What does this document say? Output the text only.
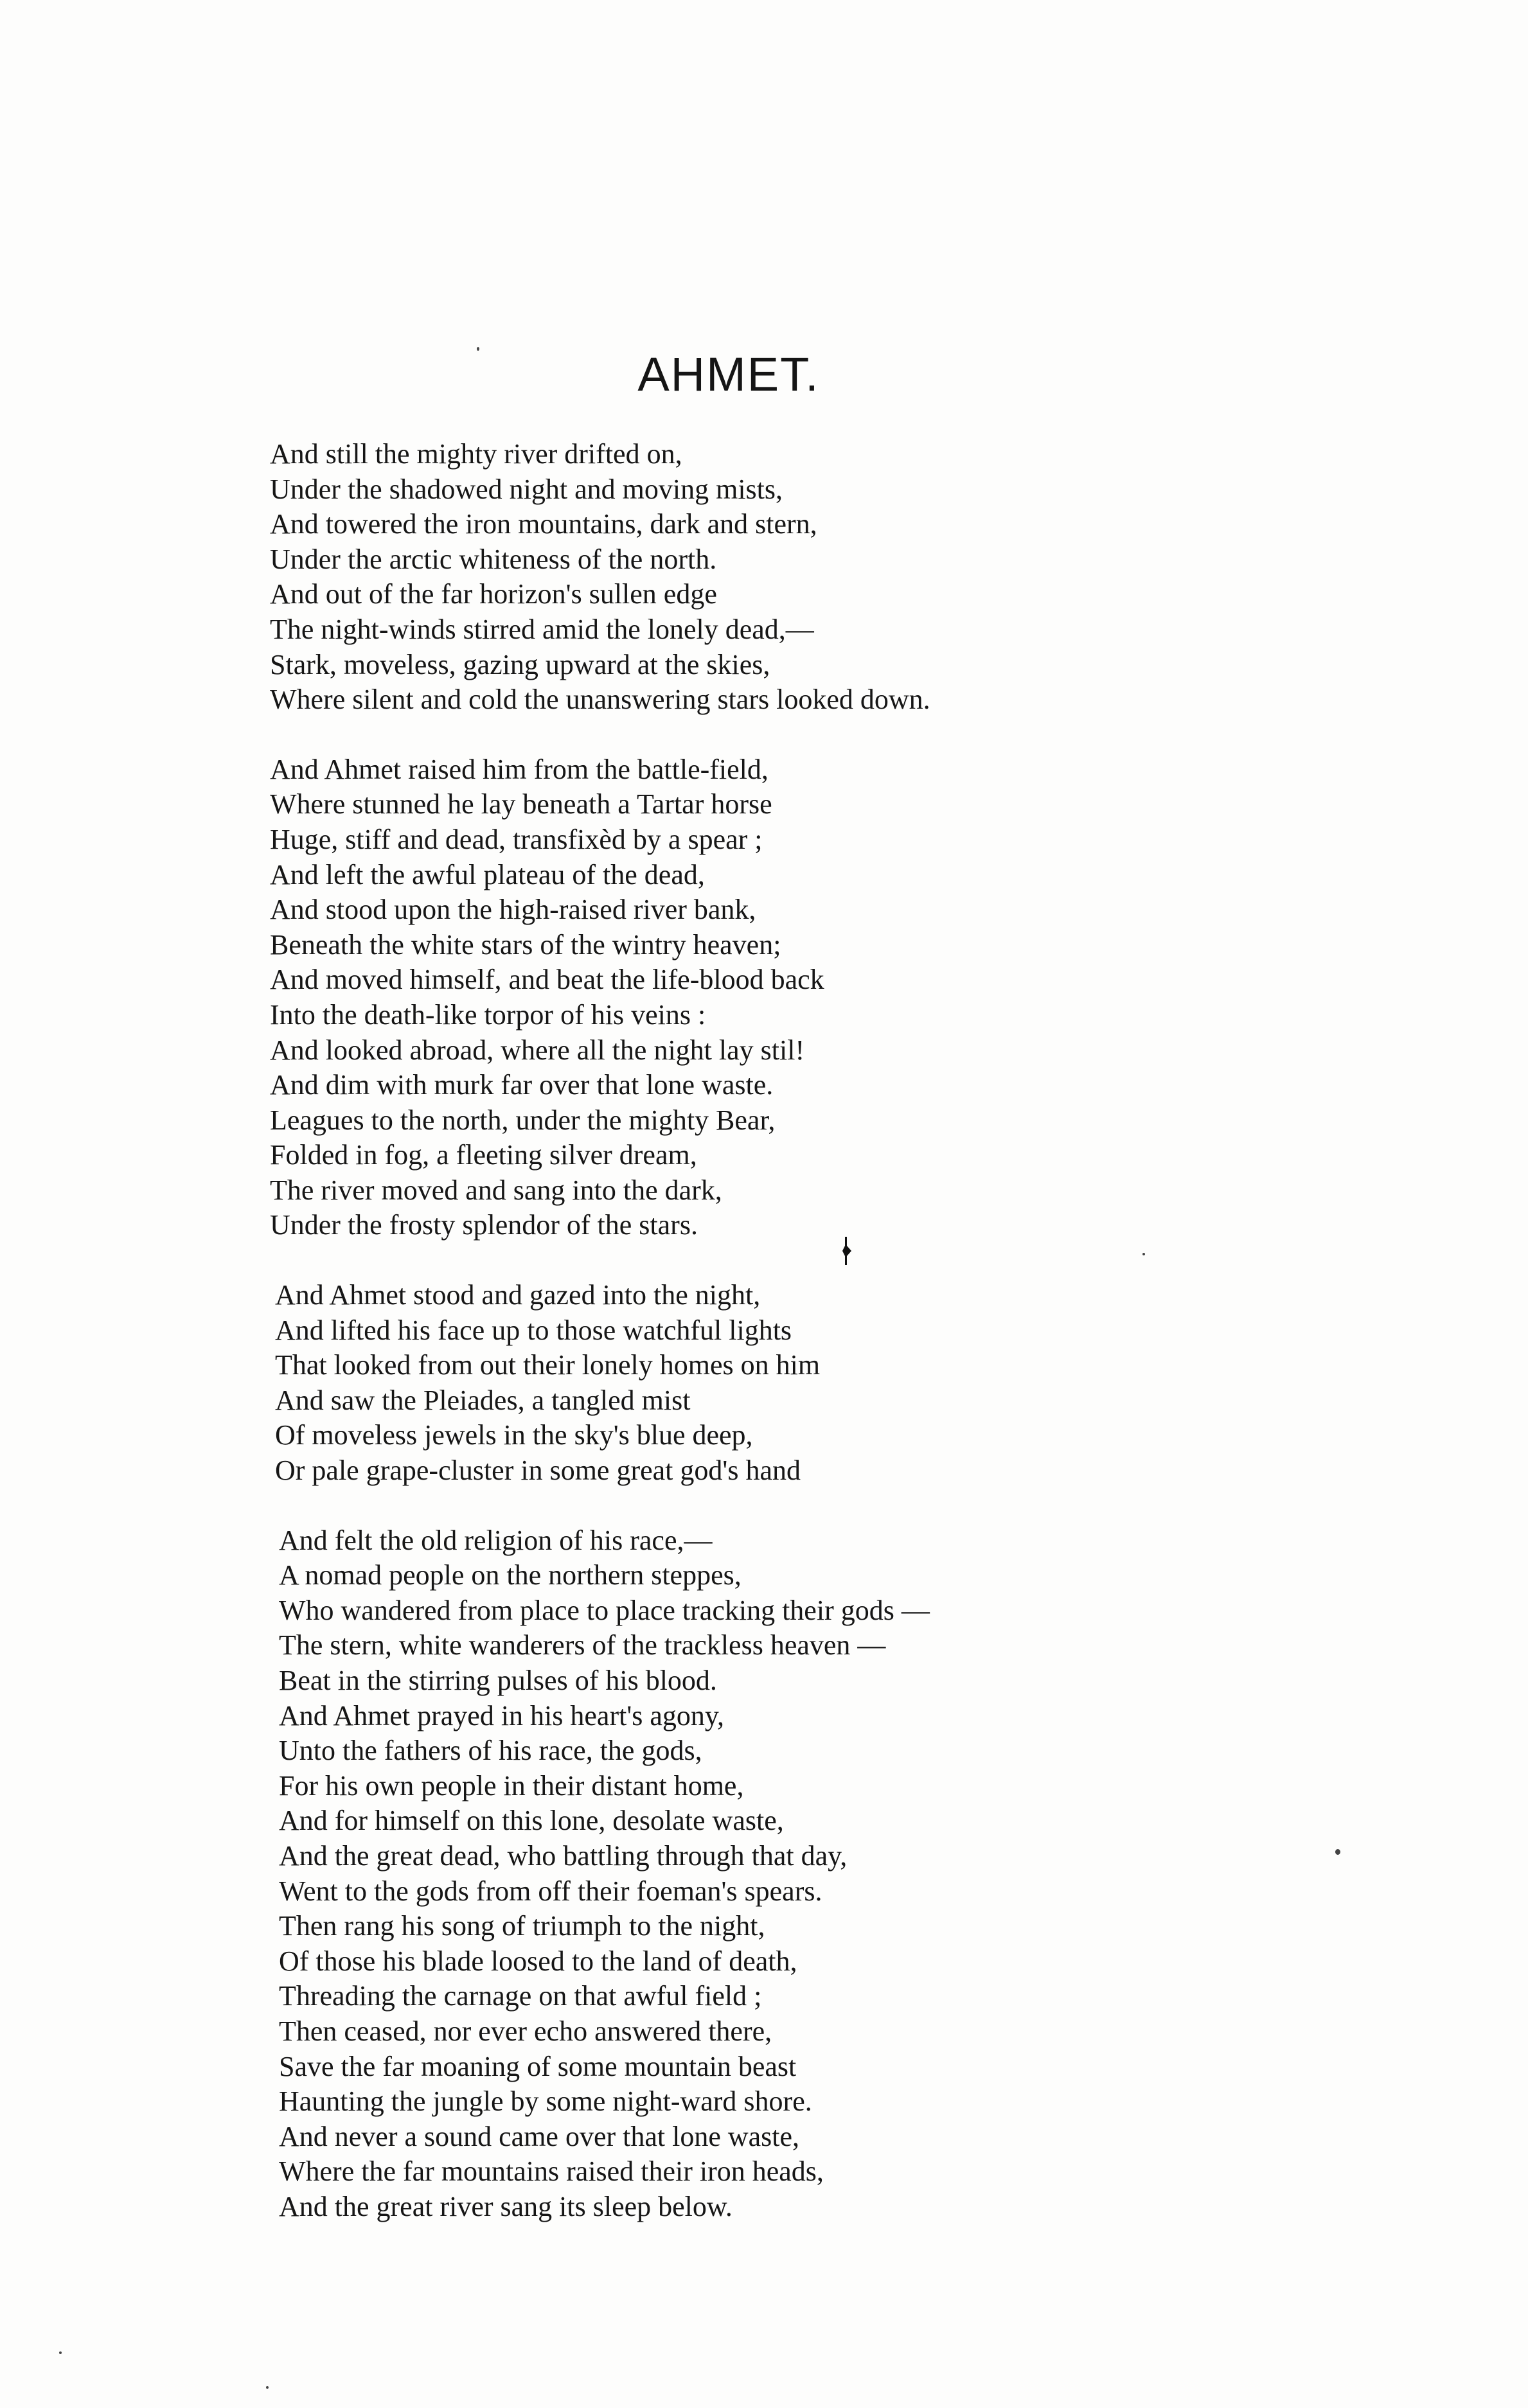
AHMET.
And still the mighty river drifted on,
Under the shadowed night and moving mists,
And towered the iron mountains, dark and stern,
Under the arctic whiteness of the north.
And out of the far horizon's sullen edge
The night-winds stirred amid the lonely dead,—
Stark, moveless, gazing upward at the skies,
Where silent and cold the unanswering stars looked down.
And Ahmet raised him from the battle-field,
Where stunned he lay beneath a Tartar horse
Huge, stiff and dead, transfixèd by a spear ;
And left the awful plateau of the dead,
And stood upon the high-raised river bank,
Beneath the white stars of the wintry heaven;
And moved himself, and beat the life-blood back
Into the death-like torpor of his veins :
And looked abroad, where all the night lay stil!
And dim with murk far over that lone waste.
Leagues to the north, under the mighty Bear,
Folded in fog, a fleeting silver dream,
The river moved and sang into the dark,
Under the frosty splendor of the stars.
And Ahmet stood and gazed into the night,
And lifted his face up to those watchful lights
That looked from out their lonely homes on him
And saw the Pleiades, a tangled mist
Of moveless jewels in the sky's blue deep,
Or pale grape-cluster in some great god's hand
And felt the old religion of his race,—
A nomad people on the northern steppes,
Who wandered from place to place tracking their gods —
The stern, white wanderers of the trackless heaven —
Beat in the stirring pulses of his blood.
And Ahmet prayed in his heart's agony,
Unto the fathers of his race, the gods,
For his own people in their distant home,
And for himself on this lone, desolate waste,
And the great dead, who battling through that day,
Went to the gods from off their foeman's spears.
Then rang his song of triumph to the night,
Of those his blade loosed to the land of death,
Threading the carnage on that awful field ;
Then ceased, nor ever echo answered there,
Save the far moaning of some mountain beast
Haunting the jungle by some night-ward shore.
And never a sound came over that lone waste,
Where the far mountains raised their iron heads,
And the great river sang its sleep below.
